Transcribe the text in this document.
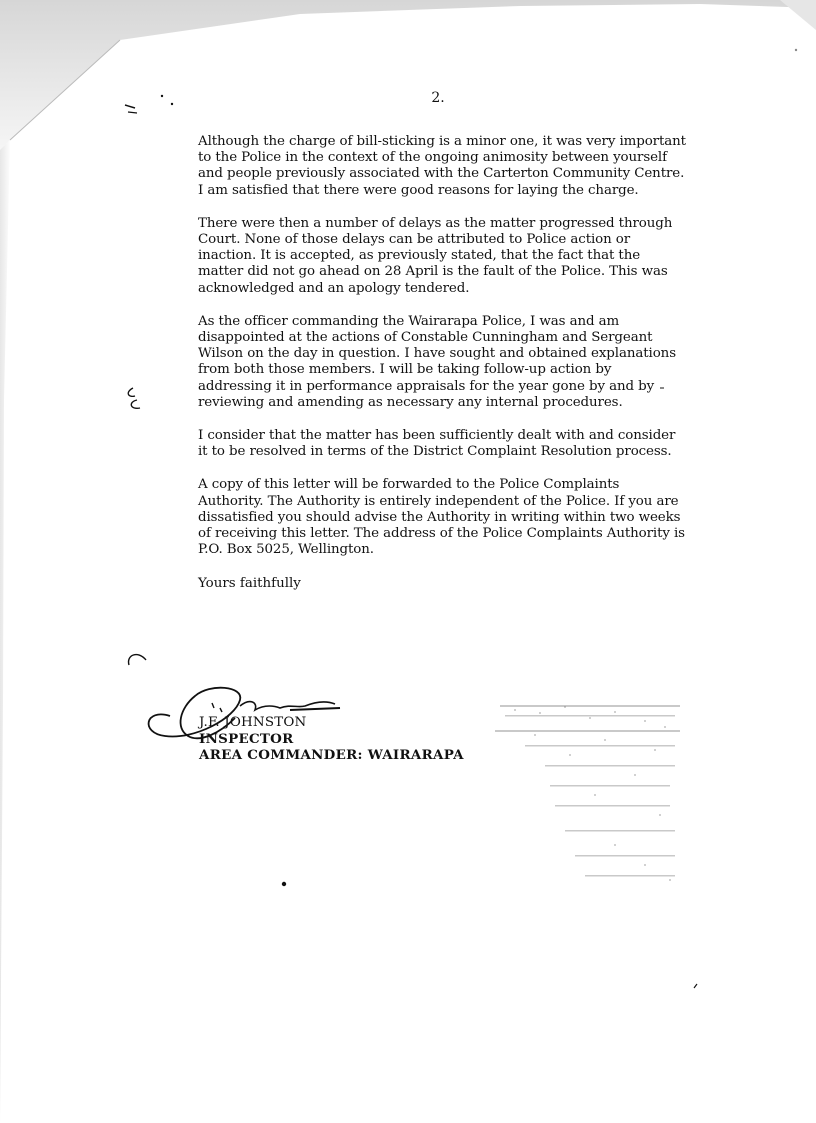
2.

Although the charge of bill-sticking is a minor one, it was very important to the Police in the context of the ongoing animosity between yourself and people previously associated with the Carterton Community Centre. I am satisfied that there were good reasons for laying the charge.

There were then a number of delays as the matter progressed through Court. None of those delays can be attributed to Police action or inaction. It is accepted, as previously stated, that the fact that the matter did not go ahead on 28 April is the fault of the Police. This was acknowledged and an apology tendered.

As the officer commanding the Wairarapa Police, I was and am disappointed at the actions of Constable Cunningham and Sergeant Wilson on the day in question. I have sought and obtained explanations from both those members. I will be taking follow-up action by addressing it in performance appraisals for the year gone by and by reviewing and amending as necessary any internal procedures.

I consider that the matter has been sufficiently dealt with and consider it to be resolved in terms of the District Complaint Resolution process.

A copy of this letter will be forwarded to the Police Complaints Authority. The Authority is entirely independent of the Police. If you are dissatisfied you should advise the Authority in writing within two weeks of receiving this letter. The address of the Police Complaints Authority is P.O. Box 5025, Wellington.

Yours faithfully
J.F. JOHNSTON
INSPECTOR
AREA COMMANDER: WAIRARAPA
